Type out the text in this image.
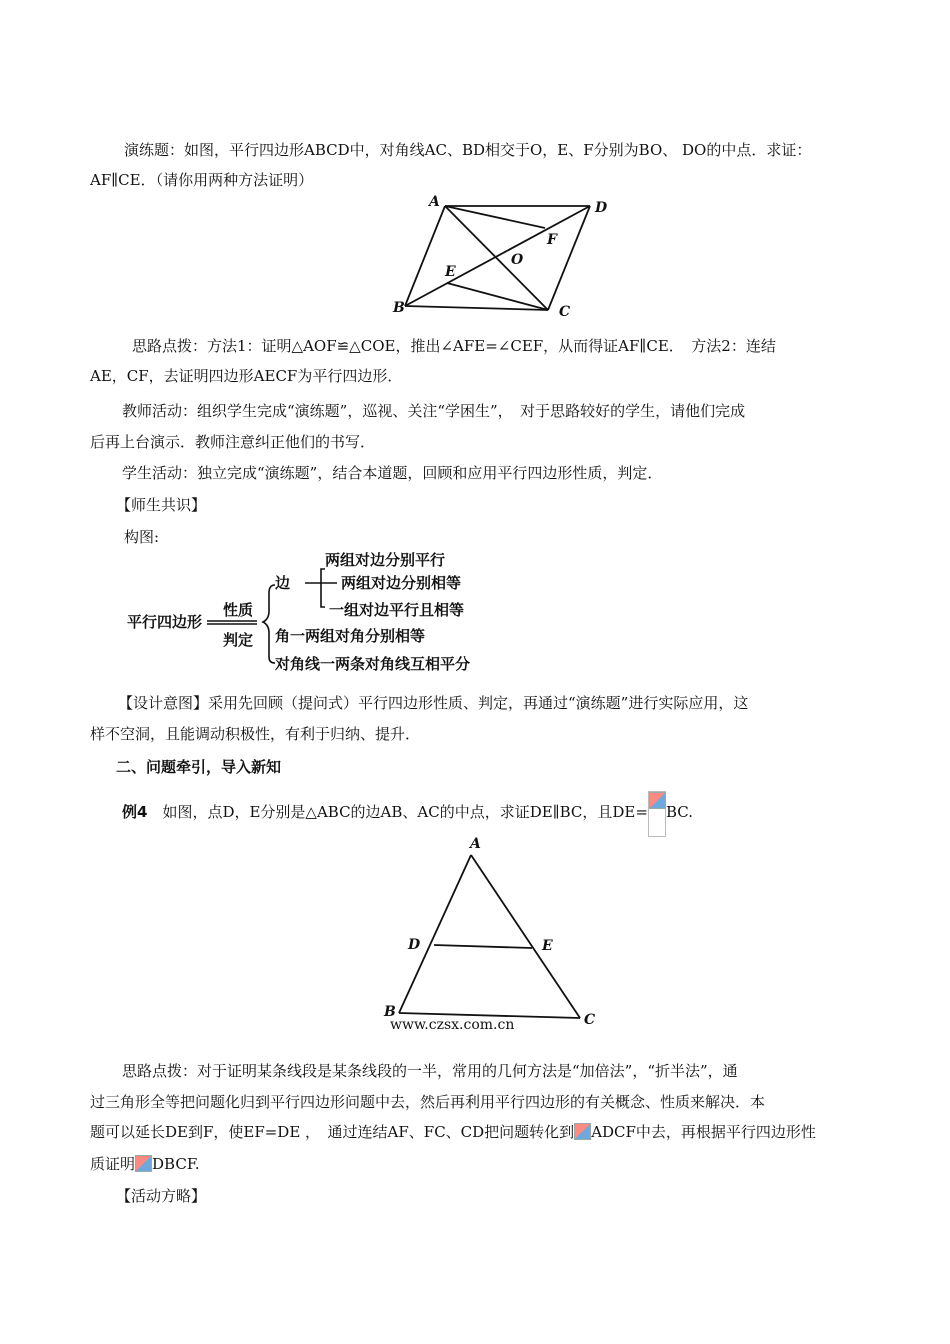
演练题：如图，平行四边形ABCD中，对角线AC、BD相交于O，E、F分别为BO、 DO的中点．求证：
AF∥CE．（请你用两种方法证明）
A	D
F
O
E
B	C
思路点拨：方法1：证明△AOF≌△COE，推出∠AFE=∠CEF，从而得证AF∥CE．　方法2：连结
AE，CF，去证明四边形AECF为平行四边形．
教师活动：组织学生完成“演练题”，巡视、关注“学困生”，　对于思路较好的学生，请他们完成
后再上台演示．教师注意纠正他们的书写．
学生活动：独立完成“演练题”，结合本道题，回顾和应用平行四边形性质，判定．
【师生共识】
构图:
平行四边形
性质
判定
边
两组对边分别平行
两组对边分别相等
一组对边平行且相等
角一两组对角分别相等
对角线一两条对角线互相平分
【设计意图】采用先回顾（提问式）平行四边形性质、判定，再通过“演练题”进行实际应用，这
样不空洞，且能调动积极性，有利于归纳、提升．
二、问题牵引，导入新知
例4　如图，点D，E分别是△ABC的边AB、AC的中点，求证DE∥BC，且DE= BC.
A
D	E
B	C
www.czsx.com.cn
思路点拨：对于证明某条线段是某条线段的一半，常用的几何方法是“加倍法”，“折半法”，通
过三角形全等把问题化归到平行四边形问题中去，然后再利用平行四边形的有关概念、性质来解决．本
题可以延长DE到F，使EF=DE ，　通过连结AF、FC、CD把问题转化到 ADCF中去，再根据平行四边形性
质证明 DBCF.
【活动方略】
